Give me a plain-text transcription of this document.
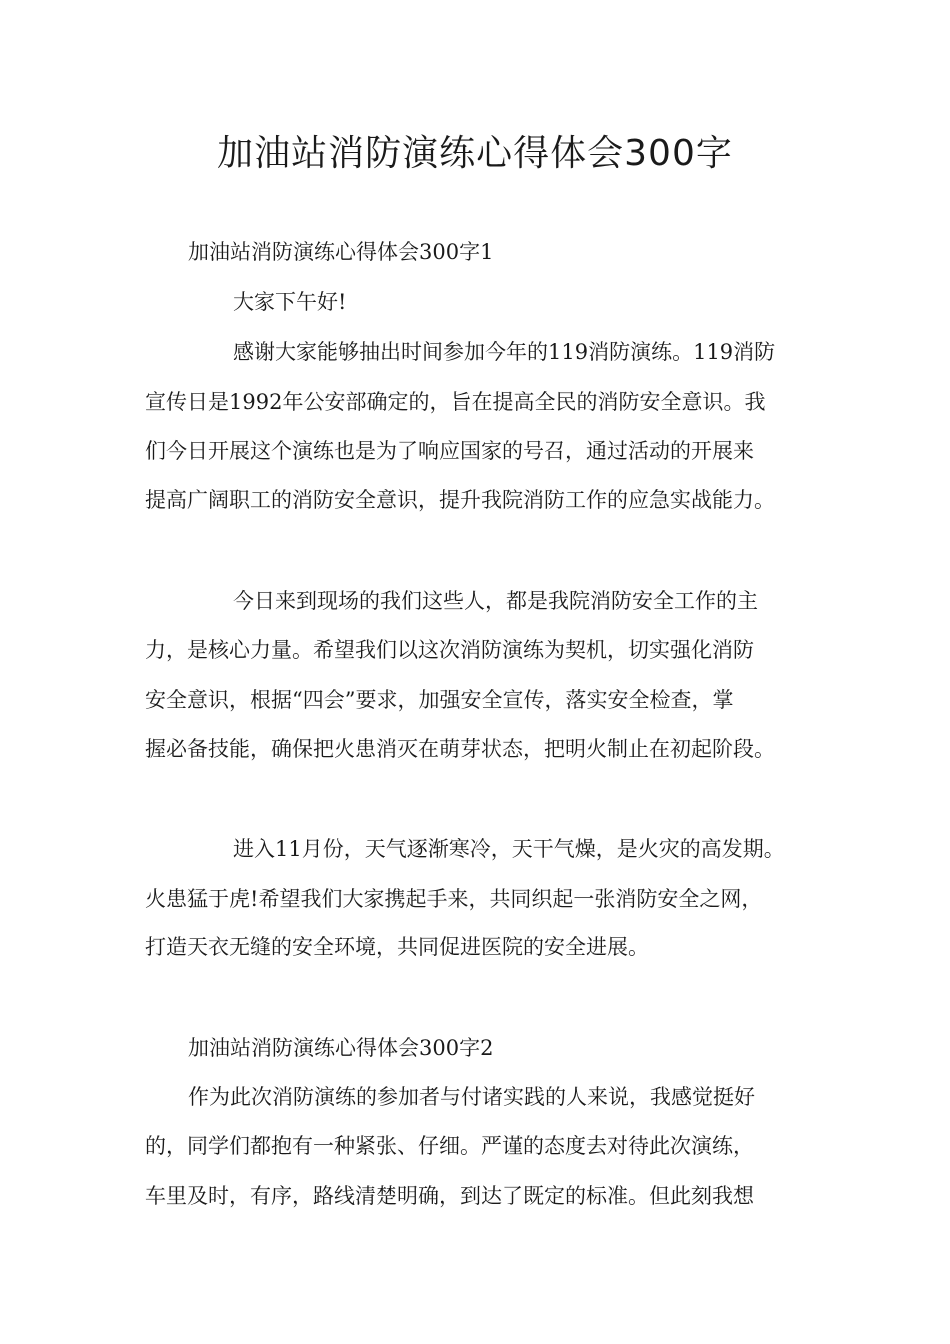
加油站消防演练心得体会300字

加油站消防演练心得体会300字1

大家下午好!

感谢大家能够抽出时间参加今年的119消防演练。119消防

宣传日是1992年公安部确定的，旨在提高全民的消防安全意识。我

们今日开展这个演练也是为了响应国家的号召，通过活动的开展来

提高广阔职工的消防安全意识，提升我院消防工作的应急实战能力。

今日来到现场的我们这些人，都是我院消防安全工作的主

力，是核心力量。希望我们以这次消防演练为契机，切实强化消防

安全意识，根据“四会”要求，加强安全宣传，落实安全检查，掌

握必备技能，确保把火患消灭在萌芽状态，把明火制止在初起阶段。

进入11月份，天气逐渐寒冷，天干气燥，是火灾的高发期。

火患猛于虎!希望我们大家携起手来，共同织起一张消防安全之网，

打造天衣无缝的安全环境，共同促进医院的安全进展。

加油站消防演练心得体会300字2

作为此次消防演练的参加者与付诸实践的人来说，我感觉挺好

的，同学们都抱有一种紧张、仔细。严谨的态度去对待此次演练，

车里及时，有序，路线清楚明确，到达了既定的标准。但此刻我想
